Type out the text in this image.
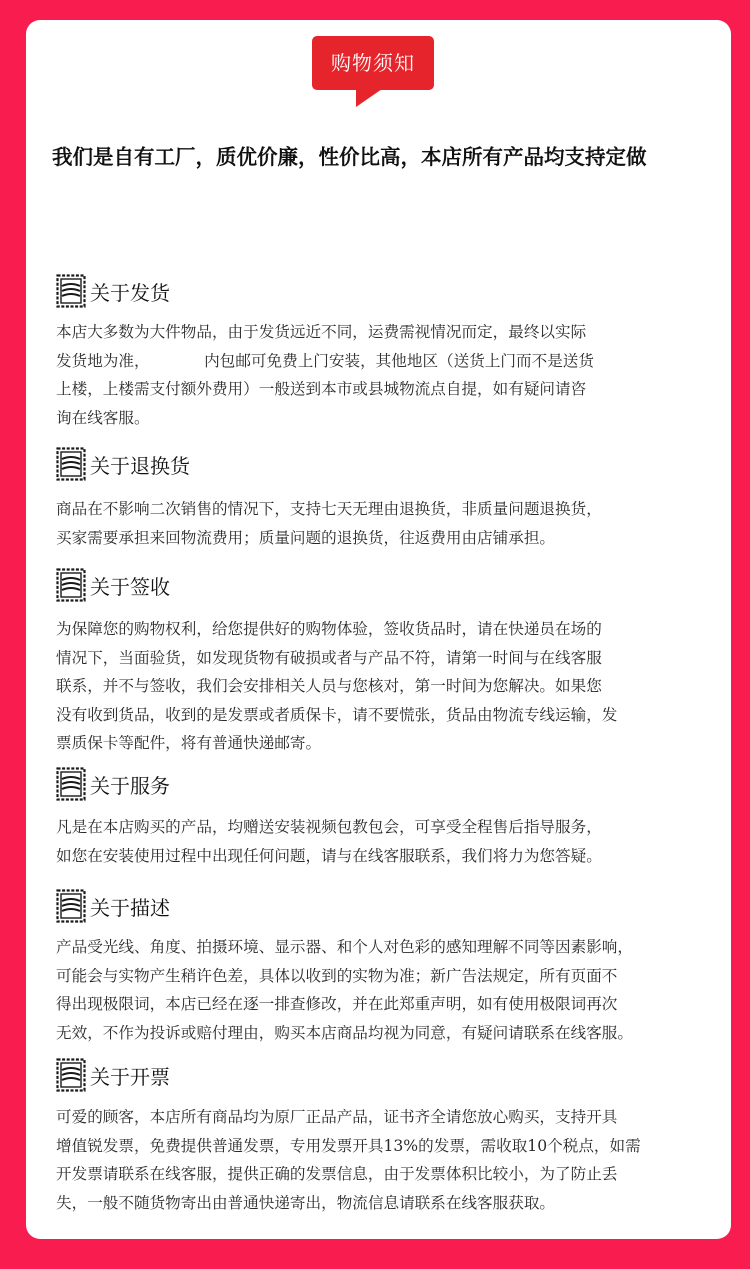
购物须知
我们是自有工厂，质优价廉，性价比高，本店所有产品均支持定做
关于发货

本店大多数为大件物品，由于发货远近不同，运费需视情况而定，最终以实际
发货地为准，　　　　内包邮可免费上门安装，其他地区（送货上门而不是送货
上楼，上楼需支付额外费用）一般送到本市或县城物流点自提，如有疑问请咨
询在线客服。

关于退换货

商品在不影响二次销售的情况下，支持七天无理由退换货，非质量问题退换货，
买家需要承担来回物流费用；质量问题的退换货，往返费用由店铺承担。

关于签收

为保障您的购物权利，给您提供好的购物体验，签收货品时，请在快递员在场的
情况下，当面验货，如发现货物有破损或者与产品不符，请第一时间与在线客服
联系，并不与签收，我们会安排相关人员与您核对，第一时间为您解决。如果您
没有收到货品，收到的是发票或者质保卡，请不要慌张，货品由物流专线运输，发
票质保卡等配件，将有普通快递邮寄。

关于服务

凡是在本店购买的产品，均赠送安装视频包教包会，可享受全程售后指导服务，
如您在安装使用过程中出现任何问题，请与在线客服联系，我们将力为您答疑。

关于描述

产品受光线、角度、拍摄环境、显示器、和个人对色彩的感知理解不同等因素影响，
可能会与实物产生稍许色差，具体以收到的实物为准；新广告法规定，所有页面不
得出现极限词，本店已经在逐一排查修改，并在此郑重声明，如有使用极限词再次
无效，不作为投诉或赔付理由，购买本店商品均视为同意，有疑问请联系在线客服。

关于开票

可爱的顾客，本店所有商品均为原厂正品产品，证书齐全请您放心购买，支持开具
增值锐发票，免费提供普通发票，专用发票开具13%的发票，需收取10个税点，如需
开发票请联系在线客服，提供正确的发票信息，由于发票体积比较小，为了防止丢
失，一般不随货物寄出由普通快递寄出，物流信息请联系在线客服获取。
